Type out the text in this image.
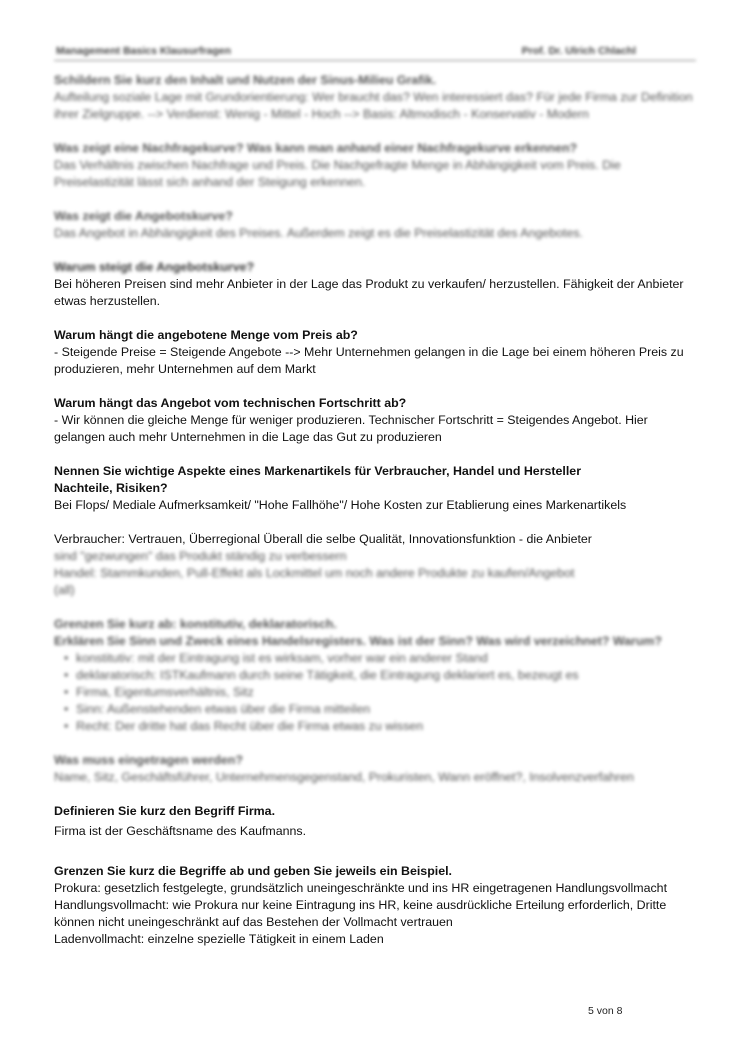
Management Basics Klausurfragen	Prof. Dr. Ulrich Chlachl

Schildern Sie kurz den Inhalt und Nutzen der Sinus-Milieu Grafik.

Aufteilung soziale Lage mit Grundorientierung: Wer braucht das? Wen interessiert das? Für jede Firma zur Definition ihrer Zielgruppe. --> Verdienst: Wenig - Mittel - Hoch --> Basis: Altmodisch - Konservativ - Modern

Was zeigt eine Nachfragekurve? Was kann man anhand einer Nachfragekurve erkennen?

Das Verhältnis zwischen Nachfrage und Preis. Die Nachgefragte Menge in Abhängigkeit vom Preis. Die Preiselastizität lässt sich anhand der Steigung erkennen.

Was zeigt die Angebotskurve?

Das Angebot in Abhängigkeit des Preises. Außerdem zeigt es die Preiselastizität des Angebotes.

Warum steigt die Angebotskurve?

Bei höheren Preisen sind mehr Anbieter in der Lage das Produkt zu verkaufen/ herzustellen. Fähigkeit der Anbieter etwas herzustellen.

Warum hängt die angebotene Menge vom Preis ab?

- Steigende Preise = Steigende Angebote --> Mehr Unternehmen gelangen in die Lage bei einem höheren Preis zu produzieren, mehr Unternehmen auf dem Markt

Warum hängt das Angebot vom technischen Fortschritt ab?

- Wir können die gleiche Menge für weniger produzieren. Technischer Fortschritt = Steigendes Angebot. Hier gelangen auch mehr Unternehmen in die Lage das Gut zu produzieren

Nennen Sie wichtige Aspekte eines Markenartikels für Verbraucher, Handel und Hersteller

Nachteile, Risiken?

Bei Flops/ Mediale Aufmerksamkeit/ "Hohe Fallhöhe"/ Hohe Kosten zur Etablierung eines Markenartikels

Verbraucher: Vertrauen, Überregional Überall die selbe Qualität, Innovationsfunktion - die Anbieter

sind "gezwungen" das Produkt ständig zu verbessern

Handel: Stammkunden, Pull-Effekt als Lockmittel um noch andere Produkte zu kaufen/Angebot

(all)

Grenzen Sie kurz ab: konstitutiv, deklaratorisch.

Erklären Sie Sinn und Zweck eines Handelsregisters. Was ist der Sinn? Was wird verzeichnet? Warum?

• konstitutiv: mit der Eintragung ist es wirksam, vorher war ein anderer Stand
• deklaratorisch: ISTKaufmann durch seine Tätigkeit, die Eintragung deklariert es, bezeugt es
• Firma, Eigentumsverhältnis, Sitz
• Sinn: Außenstehenden etwas über die Firma mitteilen
• Recht: Der dritte hat das Recht über die Firma etwas zu wissen

Was muss eingetragen werden?

Name, Sitz, Geschäftsführer, Unternehmensgegenstand, Prokuristen, Wann eröffnet?, Insolvenzverfahren

Definieren Sie kurz den Begriff Firma.

Firma ist der Geschäftsname des Kaufmanns.

Grenzen Sie kurz die Begriffe ab und geben Sie jeweils ein Beispiel.

Prokura: gesetzlich festgelegte, grundsätzlich uneingeschränkte und ins HR eingetragenen Handlungsvollmacht

Handlungsvollmacht: wie Prokura nur keine Eintragung ins HR, keine ausdrückliche Erteilung erforderlich, Dritte können nicht uneingeschränkt auf das Bestehen der Vollmacht vertrauen

Ladenvollmacht: einzelne spezielle Tätigkeit in einem Laden

5 von 8
